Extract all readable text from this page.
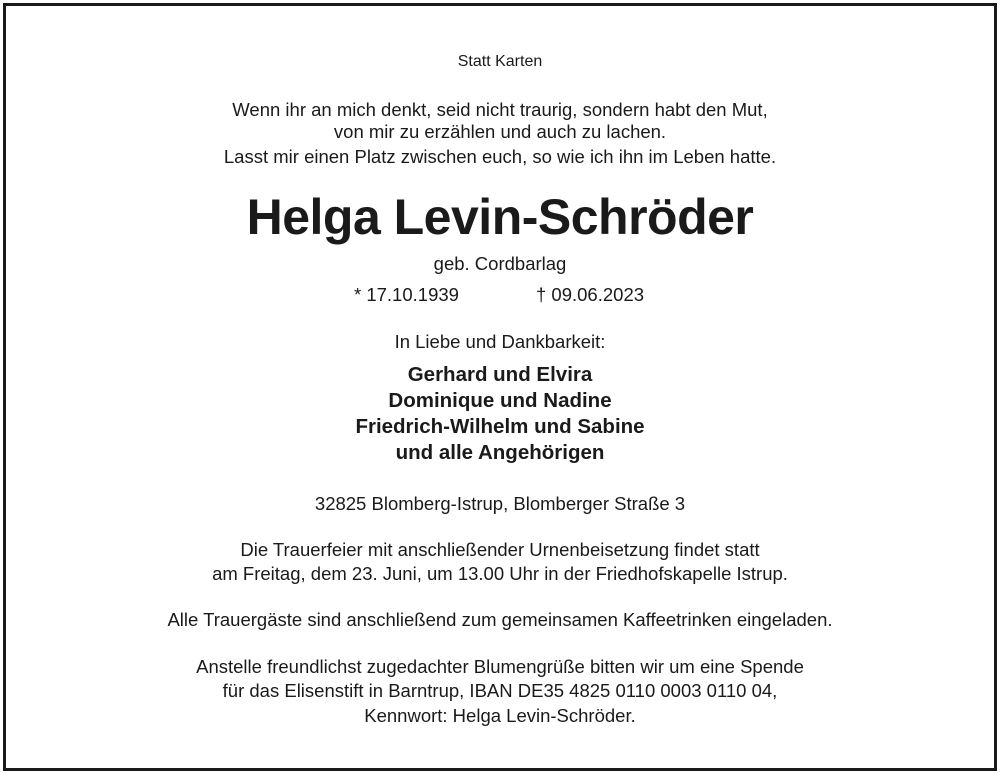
Statt Karten
Wenn ihr an mich denkt, seid nicht traurig, sondern habt den Mut,
von mir zu erzählen und auch zu lachen.
Lasst mir einen Platz zwischen euch, so wie ich ihn im Leben hatte.
Helga Levin-Schröder
geb. Cordbarlag
* 17.10.1939	† 09.06.2023
In Liebe und Dankbarkeit:
Gerhard und Elvira
Dominique und Nadine
Friedrich-Wilhelm und Sabine
und alle Angehörigen
32825 Blomberg-Istrup, Blomberger Straße 3
Die Trauerfeier mit anschließender Urnenbeisetzung findet statt
am Freitag, dem 23. Juni, um 13.00 Uhr in der Friedhofskapelle Istrup.
Alle Trauergäste sind anschließend zum gemeinsamen Kaffeetrinken eingeladen.
Anstelle freundlichst zugedachter Blumengrüße bitten wir um eine Spende
für das Elisenstift in Barntrup, IBAN DE35 4825 0110 0003 0110 04,
Kennwort: Helga Levin-Schröder.
